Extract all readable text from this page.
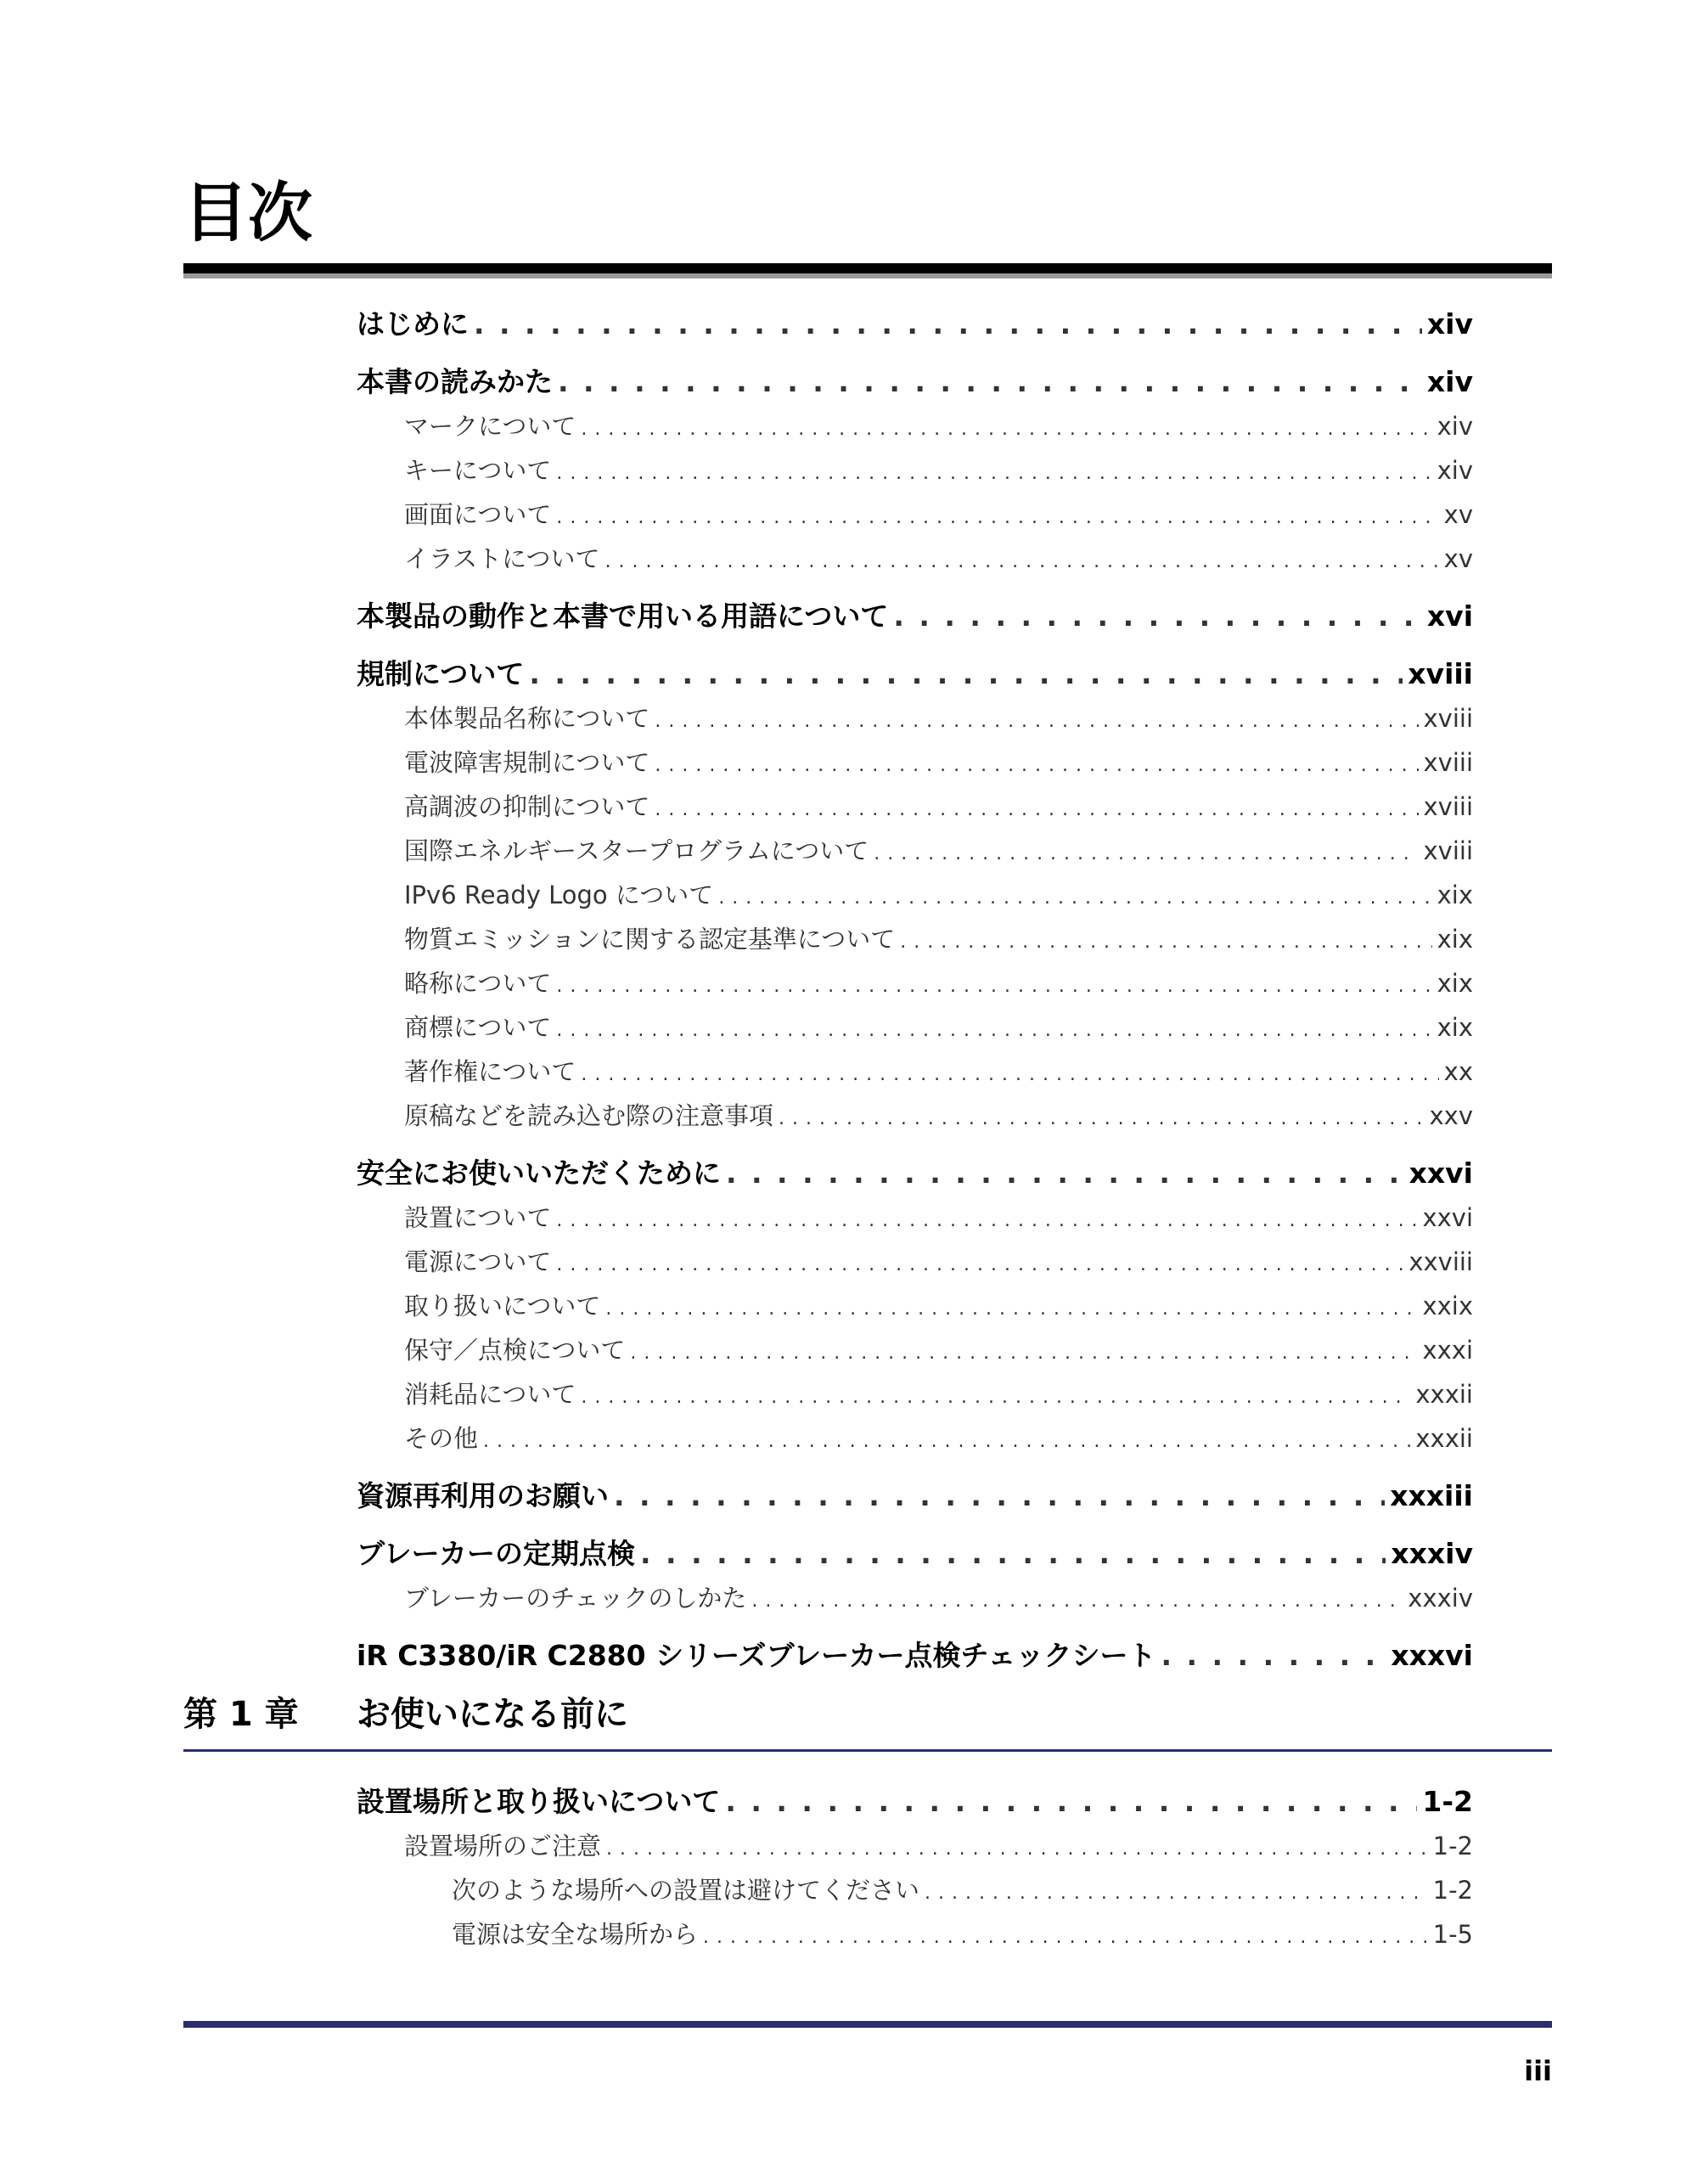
目次
はじめに . . .	xiv
本書の読みかた . . .	xiv
マークについて . . .	xiv
キーについて . . .	xiv
画面について . . .	xv
イラストについて . . .	xv
本製品の動作と本書で用いる用語について . . .	xvi
規制について . . .	xviii
本体製品名称について . . .	xviii
電波障害規制について . . .	xviii
高調波の抑制について . . .	xviii
国際エネルギースタープログラムについて . . .	xviii
IPv6 Ready Logo について . . .	xix
物質エミッションに関する認定基準について . . .	xix
略称について . . .	xix
商標について . . .	xix
著作権について . . .	xx
原稿などを読み込む際の注意事項 . . .	xxv
安全にお使いいただくために . . .	xxvi
設置について . . .	xxvi
電源について . . .	xxviii
取り扱いについて . . .	xxix
保守／点検について . . .	xxxi
消耗品について . . .	xxxii
その他 . . .	xxxii
資源再利用のお願い . . .	xxxiii
ブレーカーの定期点検 . . .	xxxiv
ブレーカーのチェックのしかた . . .	xxxiv
iR C3380/iR C2880 シリーズブレーカー点検チェックシート . . .	xxxvi
第 1 章 お使いになる前に
設置場所と取り扱いについて . . .	1-2
設置場所のご注意 . . .	1-2
次のような場所への設置は避けてください . . .	1-2
電源は安全な場所から . . .	1-5
iii
